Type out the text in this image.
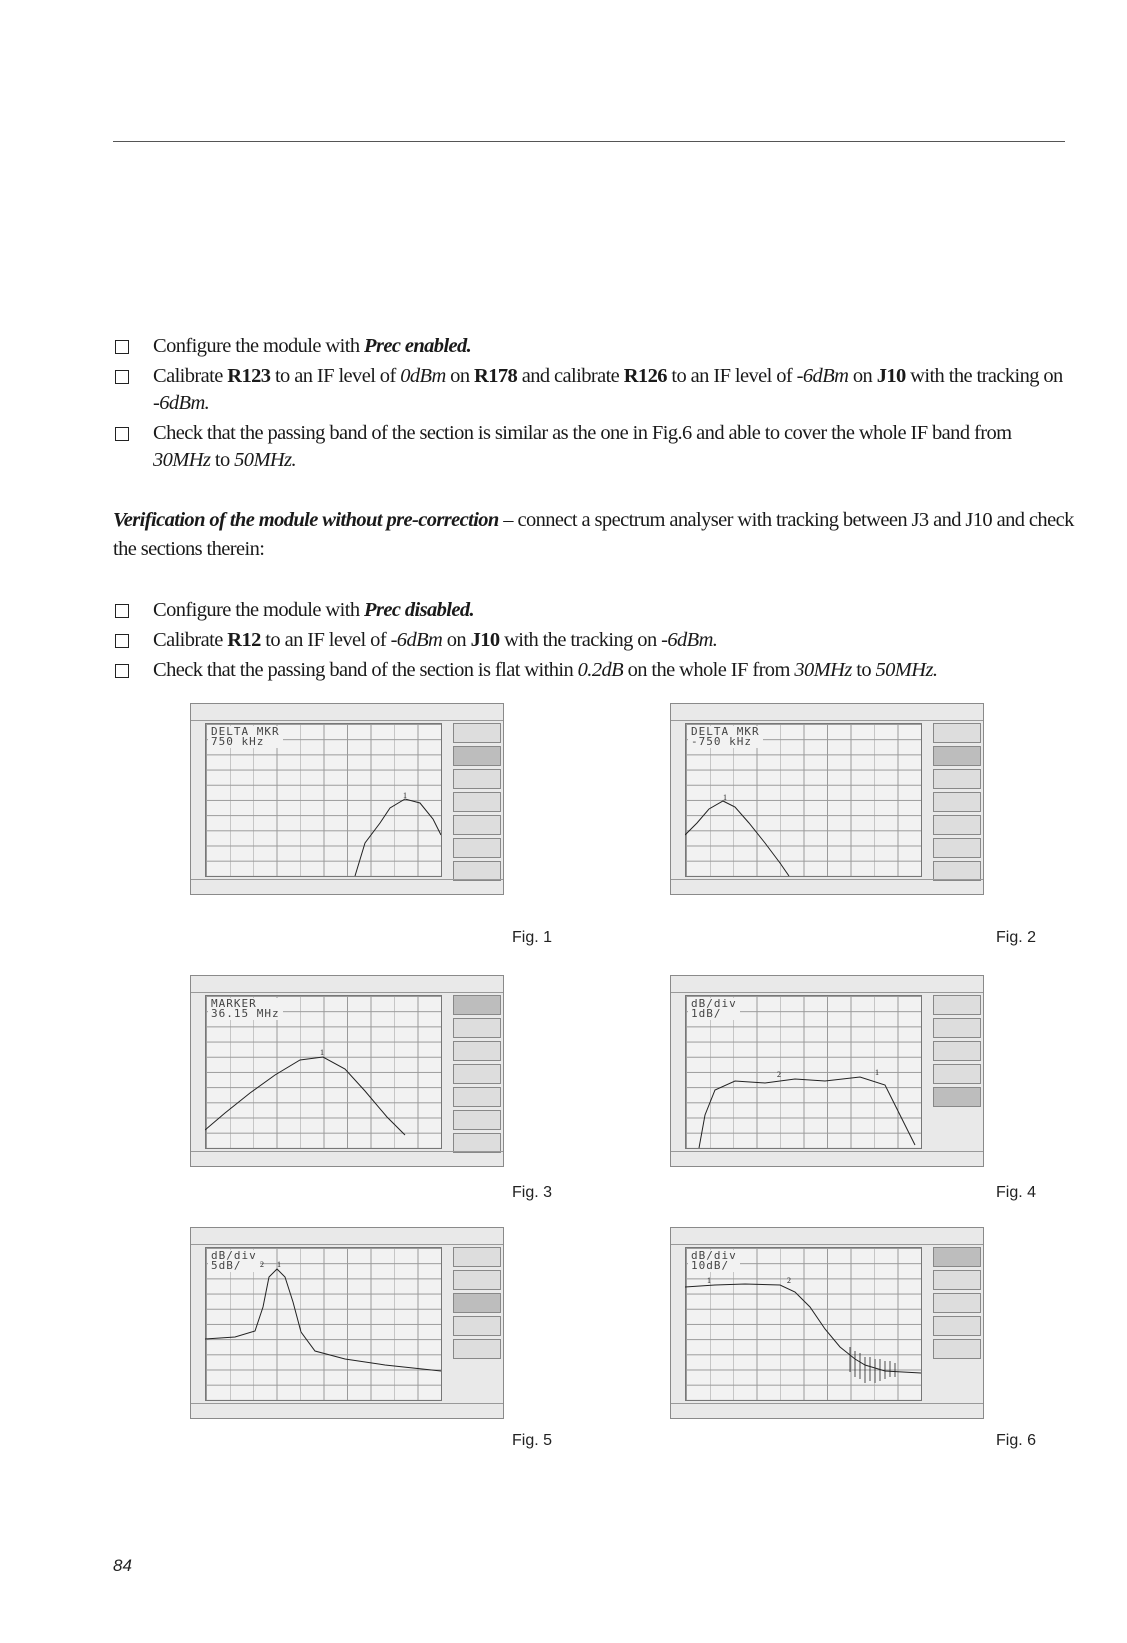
Configure the module with Prec enabled.
Calibrate R123 to an IF level of 0dBm on R178 and calibrate R126 to an IF level of -6dBm on J10 with the tracking on -6dBm.
Check that the passing band of the section is similar as the one in Fig.6 and able to cover the whole IF band from 30MHz to 50MHz.
Verification of the module without pre-correction – connect a spectrum analyser with tracking between J3 and J10 and check the sections therein:
Configure the module with Prec disabled.
Calibrate R12 to an IF level of -6dBm on J10 with the tracking on -6dBm.
Check that the passing band of the section is flat within 0.2dB on the whole IF from 30MHz to 50MHz.
1
DELTA MKR
750 kHz
Fig. 1
1
DELTA MKR
-750 kHz
Fig. 2
1
MARKER
36.15 MHz
Fig. 3
2	1
dB/div
1dB/
Fig. 4
2 1
dB/div
5dB/
Fig. 5
1	2
dB/div
10dB/
Fig. 6
84
